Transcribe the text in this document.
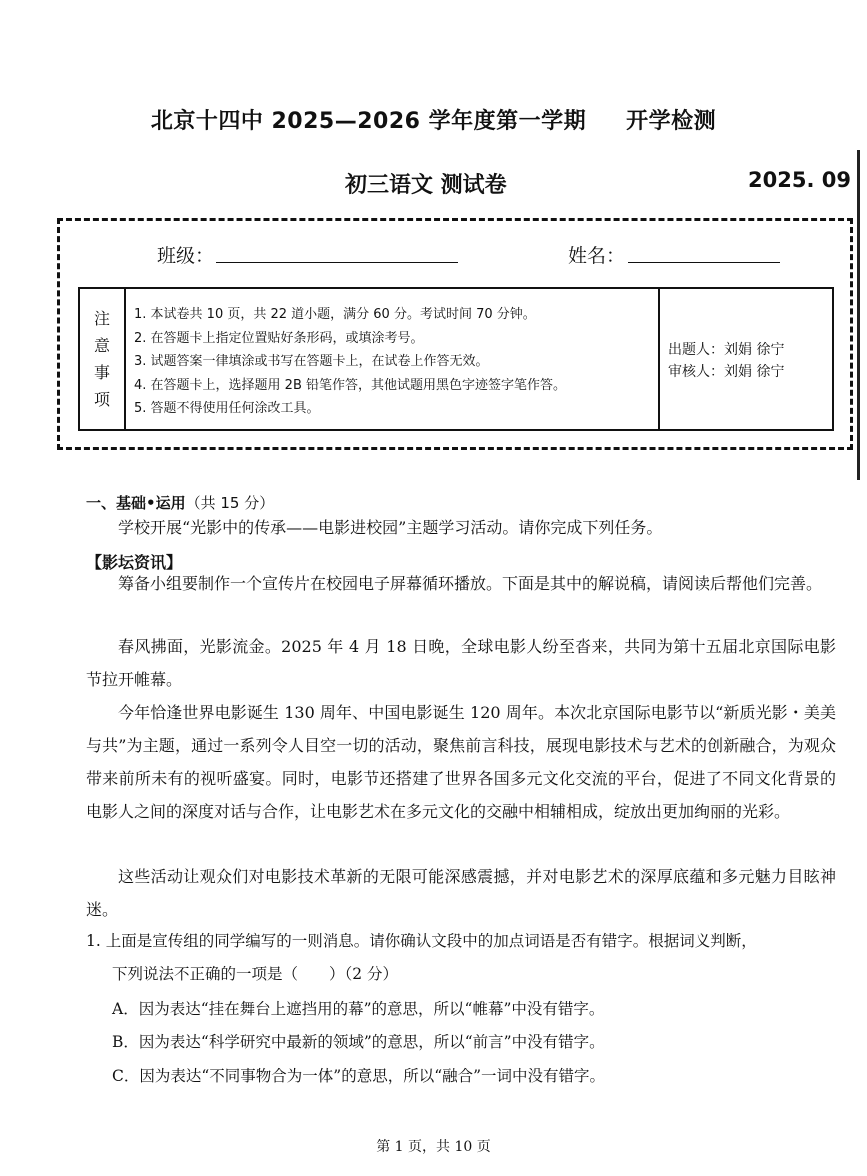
北京十四中 2025—2026 学年度第一学期 开学检测
初三语文 测试卷	2025. 09
班级：	姓名：
注
意
事
项
1. 本试卷共 10 页，共 22 道小题，满分 60 分。考试时间 70 分钟。
2. 在答题卡上指定位置贴好条形码，或填涂考号。
3. 试题答案一律填涂或书写在答题卡上，在试卷上作答无效。
4. 在答题卡上，选择题用 2B 铅笔作答，其他试题用黑色字迹签字笔作答。
5. 答题不得使用任何涂改工具。
出题人：刘娟 徐宁
审核人：刘娟 徐宁
一、基础•运用（共 15 分）
学校开展“光影中的传承——电影进校园”主题学习活动。请你完成下列任务。
【影坛资讯】
筹备小组要制作一个宣传片在校园电子屏幕循环播放。下面是其中的解说稿，请阅读后帮他们完善。
春风拂面，光影流金。2025 年 4 月 18 日晚，全球电影人纷至沓来，共同为第十五届北京国际电影节拉开帷幕。
今年恰逢世界电影诞生 130 周年、中国电影诞生 120 周年。本次北京国际电影节以“新质光影・美美与共”为主题，通过一系列令人目空一切的活动，聚焦前言科技，展现电影技术与艺术的创新融合，为观众带来前所未有的视听盛宴。同时，电影节还搭建了世界各国多元文化交流的平台，促进了不同文化背景的电影人之间的深度对话与合作，让电影艺术在多元文化的交融中相辅相成，绽放出更加绚丽的光彩。
这些活动让观众们对电影技术革新的无限可能深感震撼，并对电影艺术的深厚底蕴和多元魅力目眩神迷。
1. 上面是宣传组的同学编写的一则消息。请你确认文段中的加点词语是否有错字。根据词义判断，
下列说法不正确的一项是（　　）（2 分）
A．因为表达“挂在舞台上遮挡用的幕”的意思，所以“帷幕”中没有错字。
B．因为表达“科学研究中最新的领域”的意思，所以“前言”中没有错字。
C．因为表达“不同事物合为一体”的意思，所以“融合”一词中没有错字。
第 1 页，共 10 页
